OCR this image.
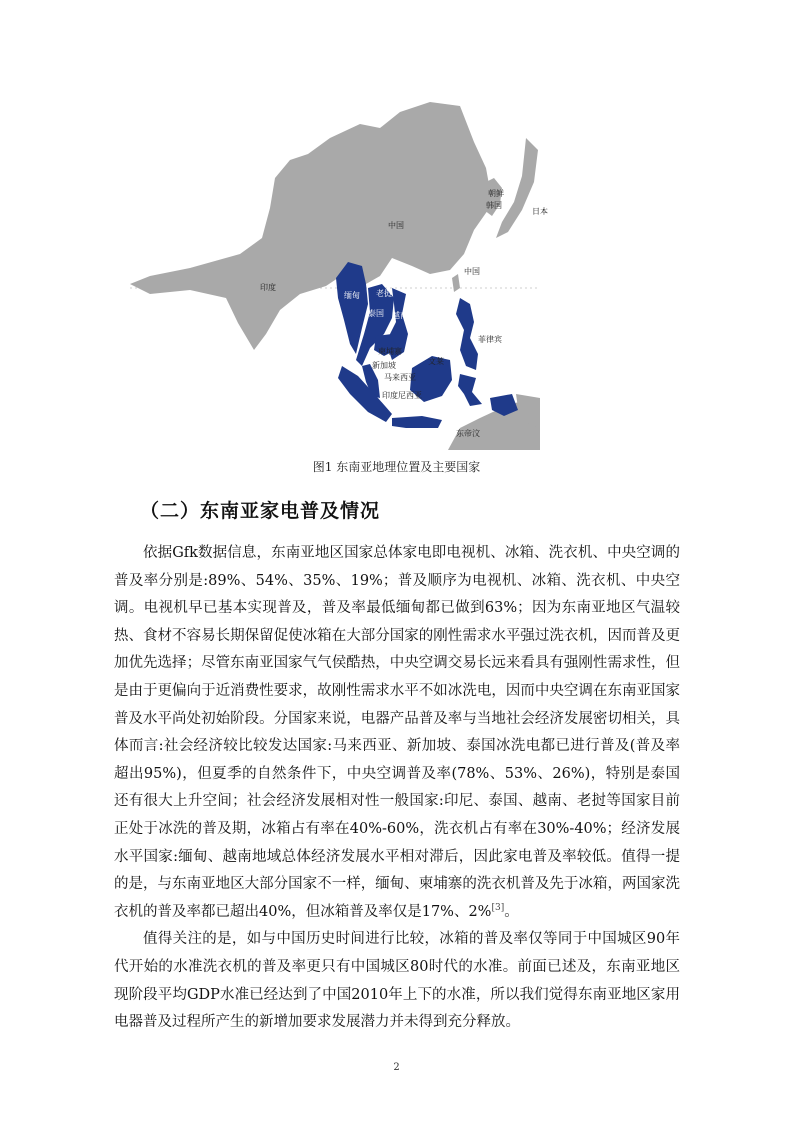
中国
中国
印度
朝鲜
韩国
日本
缅甸 老挝
泰国 越南
柬埔寨
菲律宾
新加坡
马来西亚
文莱
印度尼西亚
东帝汶
图1 东南亚地理位置及主要国家
（二）东南亚家电普及情况

依据Gfk数据信息，东南亚地区国家总体家电即电视机、冰箱、洗衣机、中央空调的普及率分别是:89%、54%、35%、19%；普及顺序为电视机、冰箱、洗衣机、中央空调。电视机早已基本实现普及，普及率最低缅甸都已做到63%；因为东南亚地区气温较热、食材不容易长期保留促使冰箱在大部分国家的刚性需求水平强过洗衣机，因而普及更加优先选择；尽管东南亚国家气气侯酷热，中央空调交易长远来看具有强刚性需求性，但是由于更偏向于近消费性要求，故刚性需求水平不如冰洗电，因而中央空调在东南亚国家普及水平尚处初始阶段。分国家来说，电器产品普及率与当地社会经济发展密切相关，具体而言:社会经济较比较发达国家:马来西亚、新加坡、泰国冰洗电都已进行普及(普及率超出95%)，但夏季的自然条件下，中央空调普及率(78%、53%、26%)，特别是泰国还有很大上升空间；社会经济发展相对性一般国家:印尼、泰国、越南、老挝等国家目前正处于冰洗的普及期，冰箱占有率在40%-60%，洗衣机占有率在30%-40%；经济发展水平国家:缅甸、越南地域总体经济发展水平相对滞后，因此家电普及率较低。值得一提的是，与东南亚地区大部分国家不一样，缅甸、柬埔寨的洗衣机普及先于冰箱，两国家洗衣机的普及率都已超出40%，但冰箱普及率仅是17%、2%[3]。

值得关注的是，如与中国历史时间进行比较，冰箱的普及率仅等同于中国城区90年代开始的水准洗衣机的普及率更只有中国城区80时代的水准。前面已述及，东南亚地区现阶段平均GDP水准已经达到了中国2010年上下的水准，所以我们觉得东南亚地区家用电器普及过程所产生的新增加要求发展潜力并未得到充分释放。

2
